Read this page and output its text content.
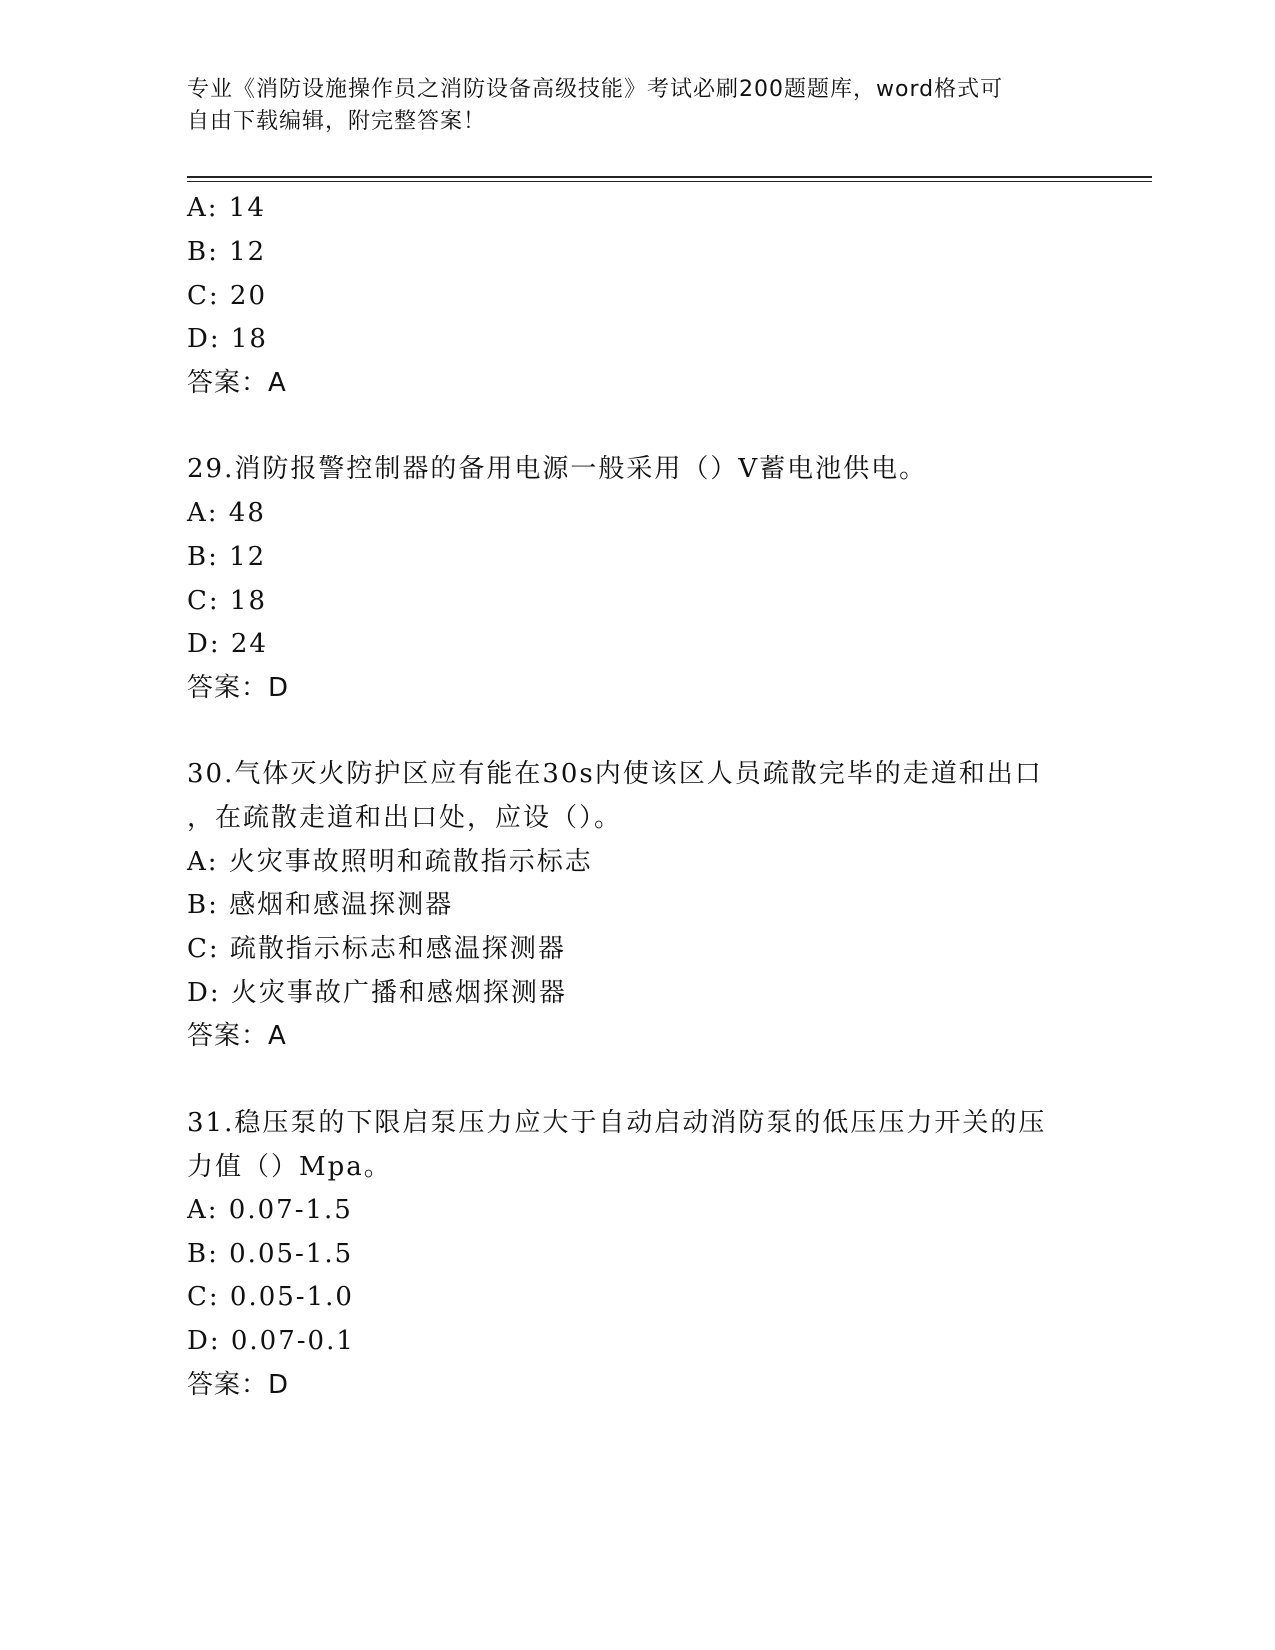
专业《消防设施操作员之消防设备高级技能》考试必刷200题题库，word格式可
自由下载编辑，附完整答案！
A: 14
B: 12
C: 20
D: 18
答案：A
29.消防报警控制器的备用电源一般采用（）V蓄电池供电。
A: 48
B: 12
C: 18
D: 24
答案：D
30.气体灭火防护区应有能在30s内使该区人员疏散完毕的走道和出口
，在疏散走道和出口处，应设（）。
A: 火灾事故照明和疏散指示标志
B: 感烟和感温探测器
C: 疏散指示标志和感温探测器
D: 火灾事故广播和感烟探测器
答案：A
31.稳压泵的下限启泵压力应大于自动启动消防泵的低压压力开关的压
力值（）Mpa。
A: 0.07-1.5
B: 0.05-1.5
C: 0.05-1.0
D: 0.07-0.1
答案：D
